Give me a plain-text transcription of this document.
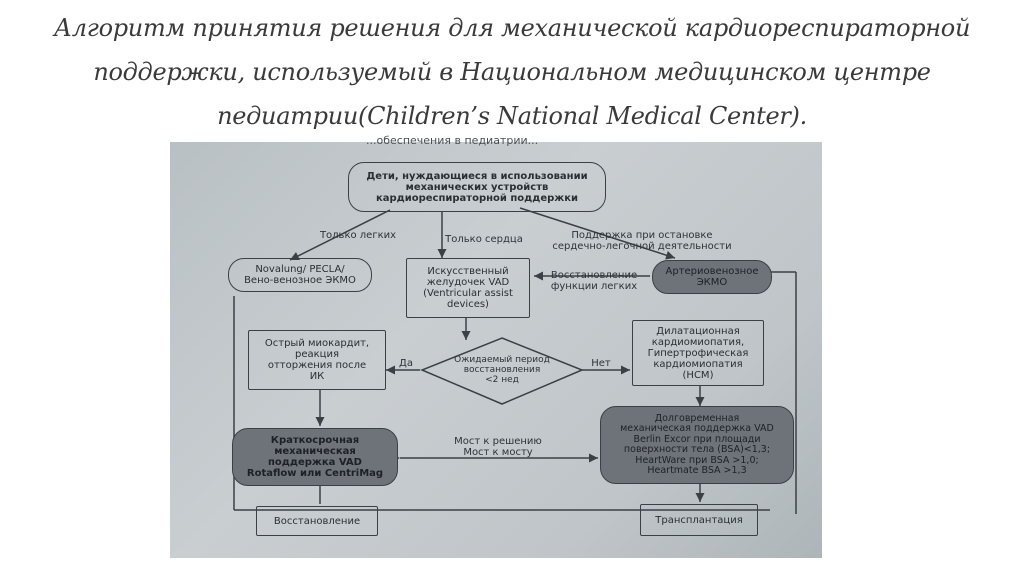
Алгоритм принятия решения для механической кардиореспираторной
поддержки, используемый в Национальном медицинском центре
педиатрии(Children’s National Medical Center).
...обеспечения в педиатрии...
Дети, нуждающиеся в использовании
механических устройств
кардиореспираторной поддержки
Только легких	Только сердца	Поддержка при остановке
сердечно-легочной деятельности
Novalung/ PECLA/
Вено-венозное ЭКМО
Искусственный
желудочек VAD
(Ventricular assist
devices)
Восстановление
функции легких
Артериовенозное
ЭКМО
Острый миокардит,
реакция
отторжения после
ИК
Да	Ожидаемый период
восстановления
<2 нед
Нет
Дилатационная
кардиомиопатия,
Гипертрофическая
кардиомиопатия
(HCM)
Краткосрочная
механическая
поддержка VAD
Rotaflow или CentriMag
Мост к решению
Мост к мосту
Долговременная
механическая поддержка VAD
Berlin Excor при площади
поверхности тела (BSA)<1,3;
HeartWare при BSA >1,0;
Heartmate BSA >1,3
Восстановление	Трансплантация
